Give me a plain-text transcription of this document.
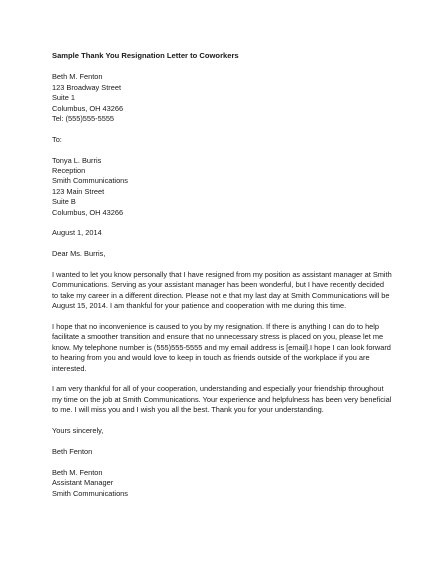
Sample Thank You Resignation Letter to Coworkers
Beth M. Fenton
123 Broadway Street
Suite 1
Columbus, OH 43266
Tel: (555)555-5555
To:
Tonya L. Burris
Reception
Smith Communications
123 Main Street
Suite B
Columbus, OH 43266
August 1, 2014
Dear Ms. Burris,

I wanted to let you know personally that I have resigned from my position as assistant manager at Smith Communications. Serving as your assistant manager has been wonderful, but I have recently decided to take my career in a different direction. Please not e that my last day at Smith Communications will be August 15, 2014. I am thankful for your patience and cooperation with me during this time.

I hope that no inconvenience is caused to you by my resignation. If there is anything I can do to help facilitate a smoother transition and ensure that no unnecessary stress is placed on you, please let me know. My telephone number is (555)555-5555 and my email address is [email].I hope I can look forward to hearing from you and would love to keep in touch as friends outside of the workplace if you are interested.

I am very thankful for all of your cooperation, understanding and especially your friendship throughout my time on the job at Smith Communications. Your experience and helpfulness has been very beneficial to me. I will miss you and I wish you all the best. Thank you for your understanding.

Yours sincerely,
Beth Fenton
Beth M. Fenton
Assistant Manager
Smith Communications
